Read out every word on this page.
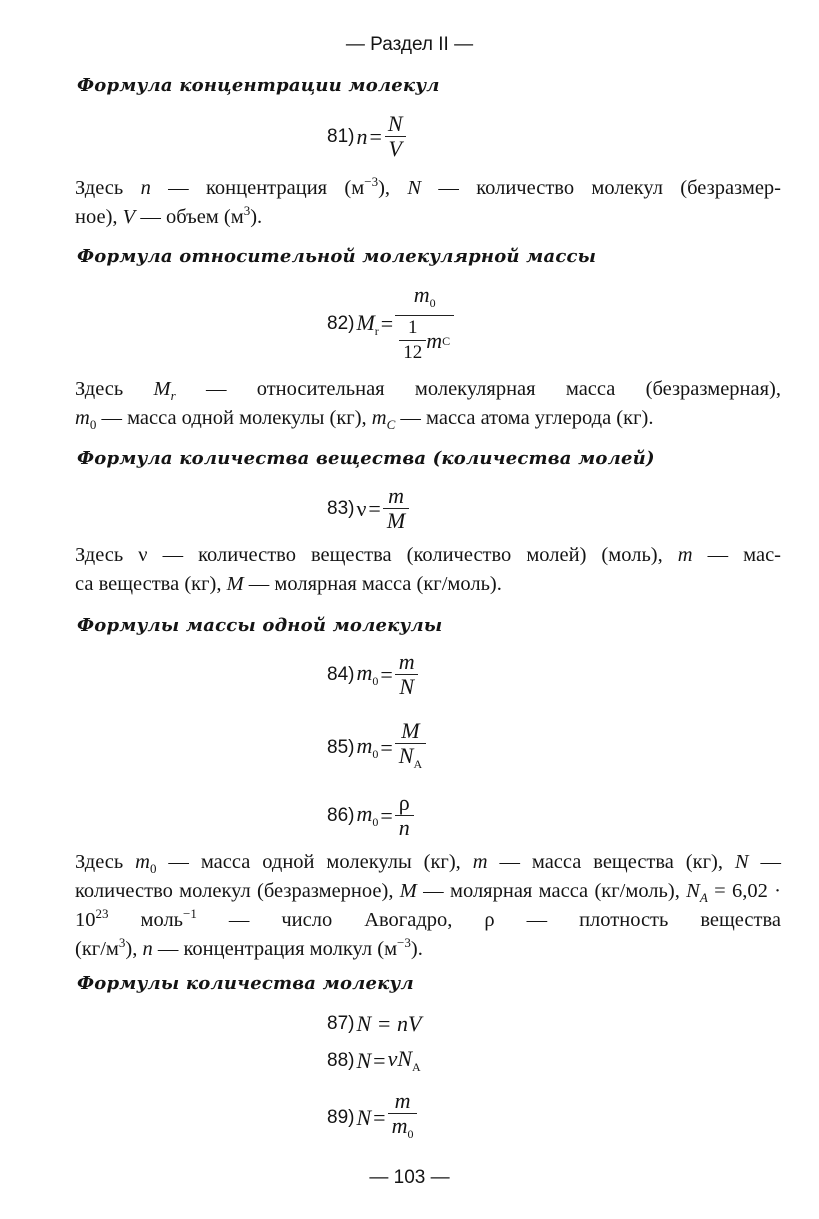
— Раздел II —
Формула концентрации молекул
81) $n = \frac{N}{V}$
Здесь n — концентрация $(м^{-3})$, N — количество молекул (безразмер-
ное), V — объем $(м^3)$.
Формула относительной молекулярной массы
82) $M_r = \frac{m_0}{\frac{1}{12} m C}$
Здесь $M_r$ — относительная молекулярная масса (безразмерная),
$m_0$ — масса одной молекулы (кг), $m_C$ — масса атома углерода (кг).
Формула количества вещества (количества молей)
83) $\nu = \frac{m}{M}$
Здесь ν — количество вещества (количество молей) (моль), m — мас-
са вещества (кг), M — молярная масса (кг/моль).
Формулы массы одной молекулы
84) $m_0 = \frac{m}{N}$
85) $m_0 = \frac{M}{N_A}$
86) $m_0 = \frac{\rho}{n}$
Здесь $m_0$ — масса одной молекулы (кг), m — масса вещества (кг), N — количество молекул (безразмерное), M — молярная масса (кг/моль), $N_A = 6,02 \cdot 10^{23}$ моль$^{-1}$ — число Авогадро, ρ — плотность вещества
$(кг/м^3)$, n — концентрация молкул $(м^{-3})$.
Формулы количества молекул
87) N = nV
88) $N = \nu N_A$
89) $N = \frac{m}{m_0}$
— 103 —
